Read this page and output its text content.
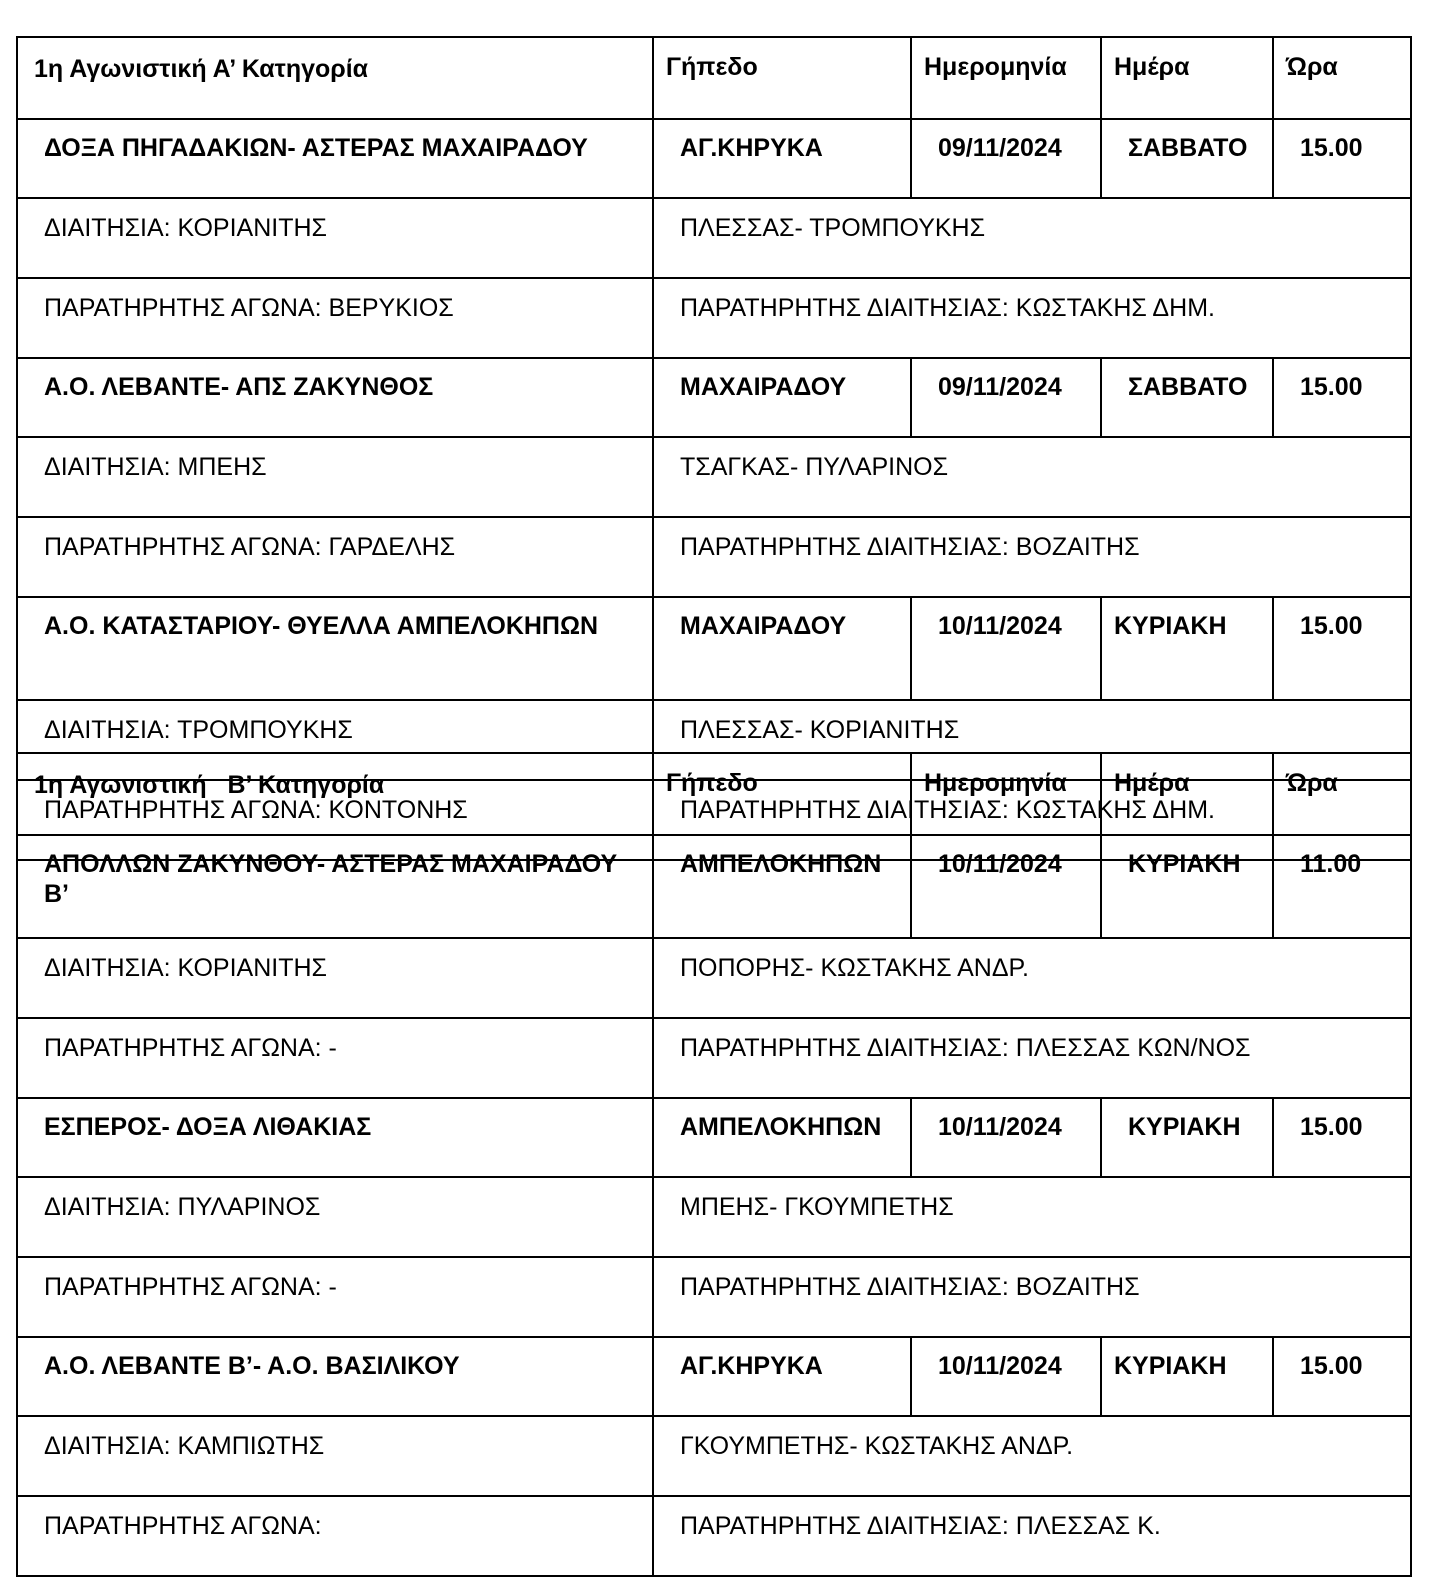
1η Αγωνιστική Α’ Κατηγορία	Γήπεδο	Ημερομηνία	Ημέρα	Ώρα
ΔΟΞΑ ΠΗΓΑΔΑΚΙΩΝ- ΑΣΤΕΡΑΣ ΜΑΧΑΙΡΑΔΟΥ	ΑΓ.ΚΗΡΥΚΑ	09/11/2024	ΣΑΒΒΑΤΟ	15.00
ΔΙΑΙΤΗΣΙΑ: ΚΟΡΙΑΝΙΤΗΣ	ΠΛΕΣΣΑΣ- ΤΡΟΜΠΟΥΚΗΣ			
ΠΑΡΑΤΗΡΗΤΗΣ ΑΓΩΝΑ: ΒΕΡΥΚΙΟΣ	ΠΑΡΑΤΗΡΗΤΗΣ ΔΙΑΙΤΗΣΙΑΣ: ΚΩΣΤΑΚΗΣ ΔΗΜ.			
Α.Ο. ΛΕΒΑΝΤΕ- ΑΠΣ ΖΑΚΥΝΘΟΣ	ΜΑΧΑΙΡΑΔΟΥ	09/11/2024	ΣΑΒΒΑΤΟ	15.00
ΔΙΑΙΤΗΣΙΑ: ΜΠΕΗΣ	ΤΣΑΓΚΑΣ- ΠΥΛΑΡΙΝΟΣ			
ΠΑΡΑΤΗΡΗΤΗΣ ΑΓΩΝΑ: ΓΑΡΔΕΛΗΣ	ΠΑΡΑΤΗΡΗΤΗΣ ΔΙΑΙΤΗΣΙΑΣ: ΒΟΖΑΙΤΗΣ			
Α.Ο. ΚΑΤΑΣΤΑΡΙΟΥ- ΘΥΕΛΛΑ ΑΜΠΕΛΟΚΗΠΩΝ	ΜΑΧΑΙΡΑΔΟΥ	10/11/2024	ΚΥΡΙΑΚΗ	15.00
ΔΙΑΙΤΗΣΙΑ: ΤΡΟΜΠΟΥΚΗΣ	ΠΛΕΣΣΑΣ- ΚΟΡΙΑΝΙΤΗΣ			
ΠΑΡΑΤΗΡΗΤΗΣ ΑΓΩΝΑ: ΚΟΝΤΟΝΗΣ	ΠΑΡΑΤΗΡΗΤΗΣ ΔΙΑΙΤΗΣΙΑΣ: ΚΩΣΤΑΚΗΣ ΔΗΜ.			
1η Αγωνιστική   Β’ Κατηγορία	Γήπεδο	Ημερομηνία	Ημέρα	Ώρα
ΑΠΟΛΛΩΝ ΖΑΚΥΝΘΟΥ- ΑΣΤΕΡΑΣ ΜΑΧΑΙΡΑΔΟΥ Β’	ΑΜΠΕΛΟΚΗΠΩΝ	10/11/2024	ΚΥΡΙΑΚΗ	11.00
ΔΙΑΙΤΗΣΙΑ: ΚΟΡΙΑΝΙΤΗΣ	ΠΟΠΟΡΗΣ- ΚΩΣΤΑΚΗΣ ΑΝΔΡ.			
ΠΑΡΑΤΗΡΗΤΗΣ ΑΓΩΝΑ: -	ΠΑΡΑΤΗΡΗΤΗΣ ΔΙΑΙΤΗΣΙΑΣ: ΠΛΕΣΣΑΣ ΚΩΝ/ΝΟΣ			
ΕΣΠΕΡΟΣ- ΔΟΞΑ ΛΙΘΑΚΙΑΣ	ΑΜΠΕΛΟΚΗΠΩΝ	10/11/2024	ΚΥΡΙΑΚΗ	15.00
ΔΙΑΙΤΗΣΙΑ: ΠΥΛΑΡΙΝΟΣ	ΜΠΕΗΣ- ΓΚΟΥΜΠΕΤΗΣ			
ΠΑΡΑΤΗΡΗΤΗΣ ΑΓΩΝΑ: -	ΠΑΡΑΤΗΡΗΤΗΣ ΔΙΑΙΤΗΣΙΑΣ: ΒΟΖΑΙΤΗΣ			
Α.Ο. ΛΕΒΑΝΤΕ Β’- Α.Ο. ΒΑΣΙΛΙΚΟΥ	ΑΓ.ΚΗΡΥΚΑ	10/11/2024	ΚΥΡΙΑΚΗ	15.00
ΔΙΑΙΤΗΣΙΑ: ΚΑΜΠΙΩΤΗΣ	ΓΚΟΥΜΠΕΤΗΣ- ΚΩΣΤΑΚΗΣ ΑΝΔΡ.			
ΠΑΡΑΤΗΡΗΤΗΣ ΑΓΩΝΑ:	ΠΑΡΑΤΗΡΗΤΗΣ ΔΙΑΙΤΗΣΙΑΣ: ΠΛΕΣΣΑΣ Κ.			
